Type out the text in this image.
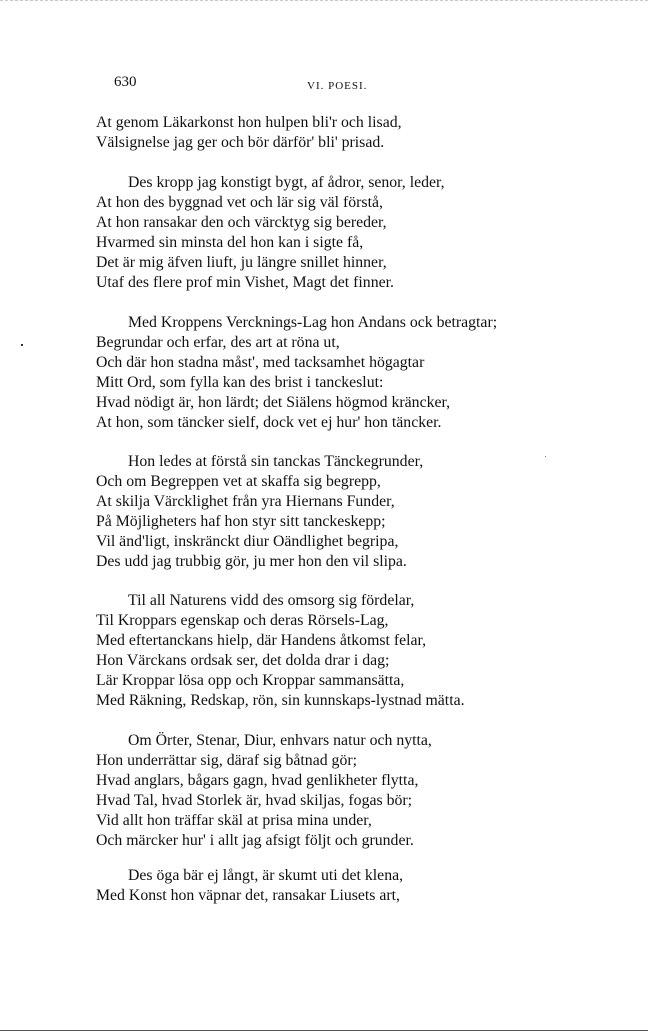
630	VI. POESI.
At genom Läkarkonst hon hulpen bli'r och lisad,
Välsignelse jag ger och bör därför' bli' prisad.
Des kropp jag konstigt bygt, af ådror, senor, leder,
At hon des byggnad vet och lär sig väl förstå,
At hon ransakar den och värcktyg sig bereder,
Hvarmed sin minsta del hon kan i sigte få,
Det är mig äfven liuft, ju längre snillet hinner,
Utaf des flere prof min Vishet, Magt det finner.
Med Kroppens Vercknings-Lag hon Andans ock betragtar;
Begrundar och erfar, des art at röna ut,
Och där hon stadna måst', med tacksamhet högagtar
Mitt Ord, som fylla kan des brist i tanckeslut:
Hvad nödigt är, hon lärdt; det Siälens högmod kräncker,
At hon, som täncker sielf, dock vet ej hur' hon täncker.
Hon ledes at förstå sin tanckas Tänckegrunder,
Och om Begreppen vet at skaffa sig begrepp,
At skilja Värcklighet från yra Hiernans Funder,
På Möjligheters haf hon styr sitt tanckeskepp;
Vil änd'ligt, inskränckt diur Oändlighet begripa,
Des udd jag trubbig gör, ju mer hon den vil slipa.
Til all Naturens vidd des omsorg sig fördelar,
Til Kroppars egenskap och deras Rörsels-Lag,
Med eftertanckans hielp, där Handens åtkomst felar,
Hon Värckans ordsak ser, det dolda drar i dag;
Lär Kroppar lösa opp och Kroppar sammansätta,
Med Räkning, Redskap, rön, sin kunnskaps-lystnad mätta.
Om Örter, Stenar, Diur, enhvars natur och nytta,
Hon underrättar sig, däraf sig båtnad gör;
Hvad anglars, bågars gagn, hvad genlikheter flytta,
Hvad Tal, hvad Storlek är, hvad skiljas, fogas bör;
Vid allt hon träffar skäl at prisa mina under,
Och märcker hur' i allt jag afsigt följt och grunder.
Des öga bär ej långt, är skumt uti det klena,
Med Konst hon väpnar det, ransakar Liusets art,
